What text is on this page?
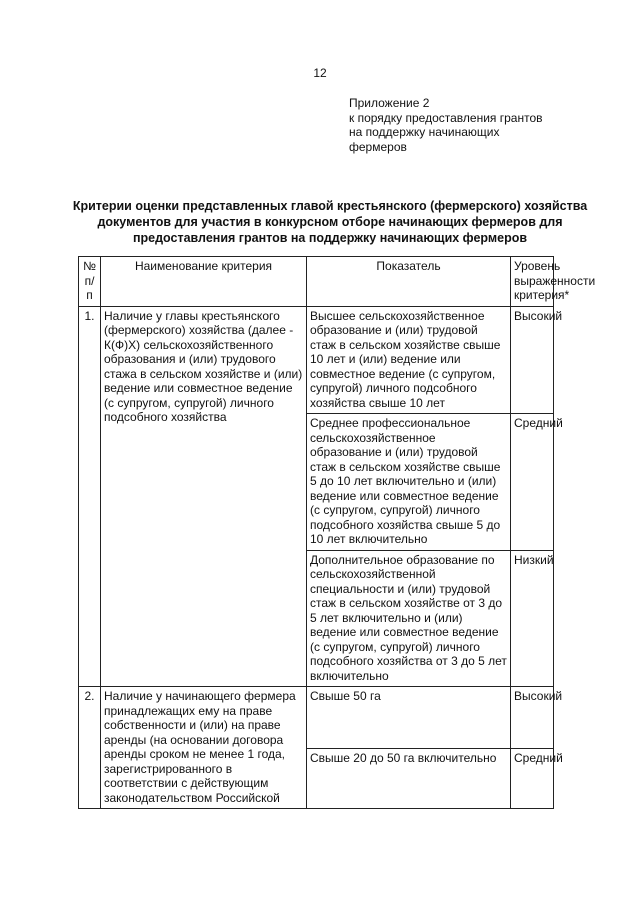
12
Приложение 2
к порядку предоставления грантов
на поддержку начинающих
фермеров
Критерии оценки представленных главой крестьянского (фермерского) хозяйства
документов для участия в конкурсном отборе начинающих фермеров для
предоставления грантов на поддержку начинающих фермеров
№ п/п	Наименование критерия	Показатель	Уровень выраженности критерия*
1.	Наличие у главы крестьянского (фермерского) хозяйства (далее - К(Ф)Х) сельскохозяйственного образования и (или) трудового стажа в сельском хозяйстве и (или) ведение или совместное ведение (с супругом, супругой) личного подсобного хозяйства	Высшее сельскохозяйственное образование и (или) трудовой стаж в сельском хозяйстве свыше 10 лет и (или) ведение или совместное ведение (с супругом, супругой) личного подсобного хозяйства свыше 10 лет	Высокий
		Среднее профессиональное сельскохозяйственное образование и (или) трудовой стаж в сельском хозяйстве свыше 5 до 10 лет включительно и (или) ведение или совместное ведение (с супругом, супругой) личного подсобного хозяйства свыше 5 до 10 лет включительно	Средний
		Дополнительное образование по сельскохозяйственной специальности и (или) трудовой стаж в сельском хозяйстве от 3 до 5 лет включительно и (или) ведение или совместное ведение (с супругом, супругой) личного подсобного хозяйства от 3 до 5 лет включительно	Низкий
2.	Наличие у начинающего фермера принадлежащих ему на праве собственности и (или) на праве аренды (на основании договора аренды сроком не менее 1 года, зарегистрированного в соответствии с действующим законодательством Российской	Свыше 50 га	Высокий
		Свыше 20 до 50 га включительно	Средний
